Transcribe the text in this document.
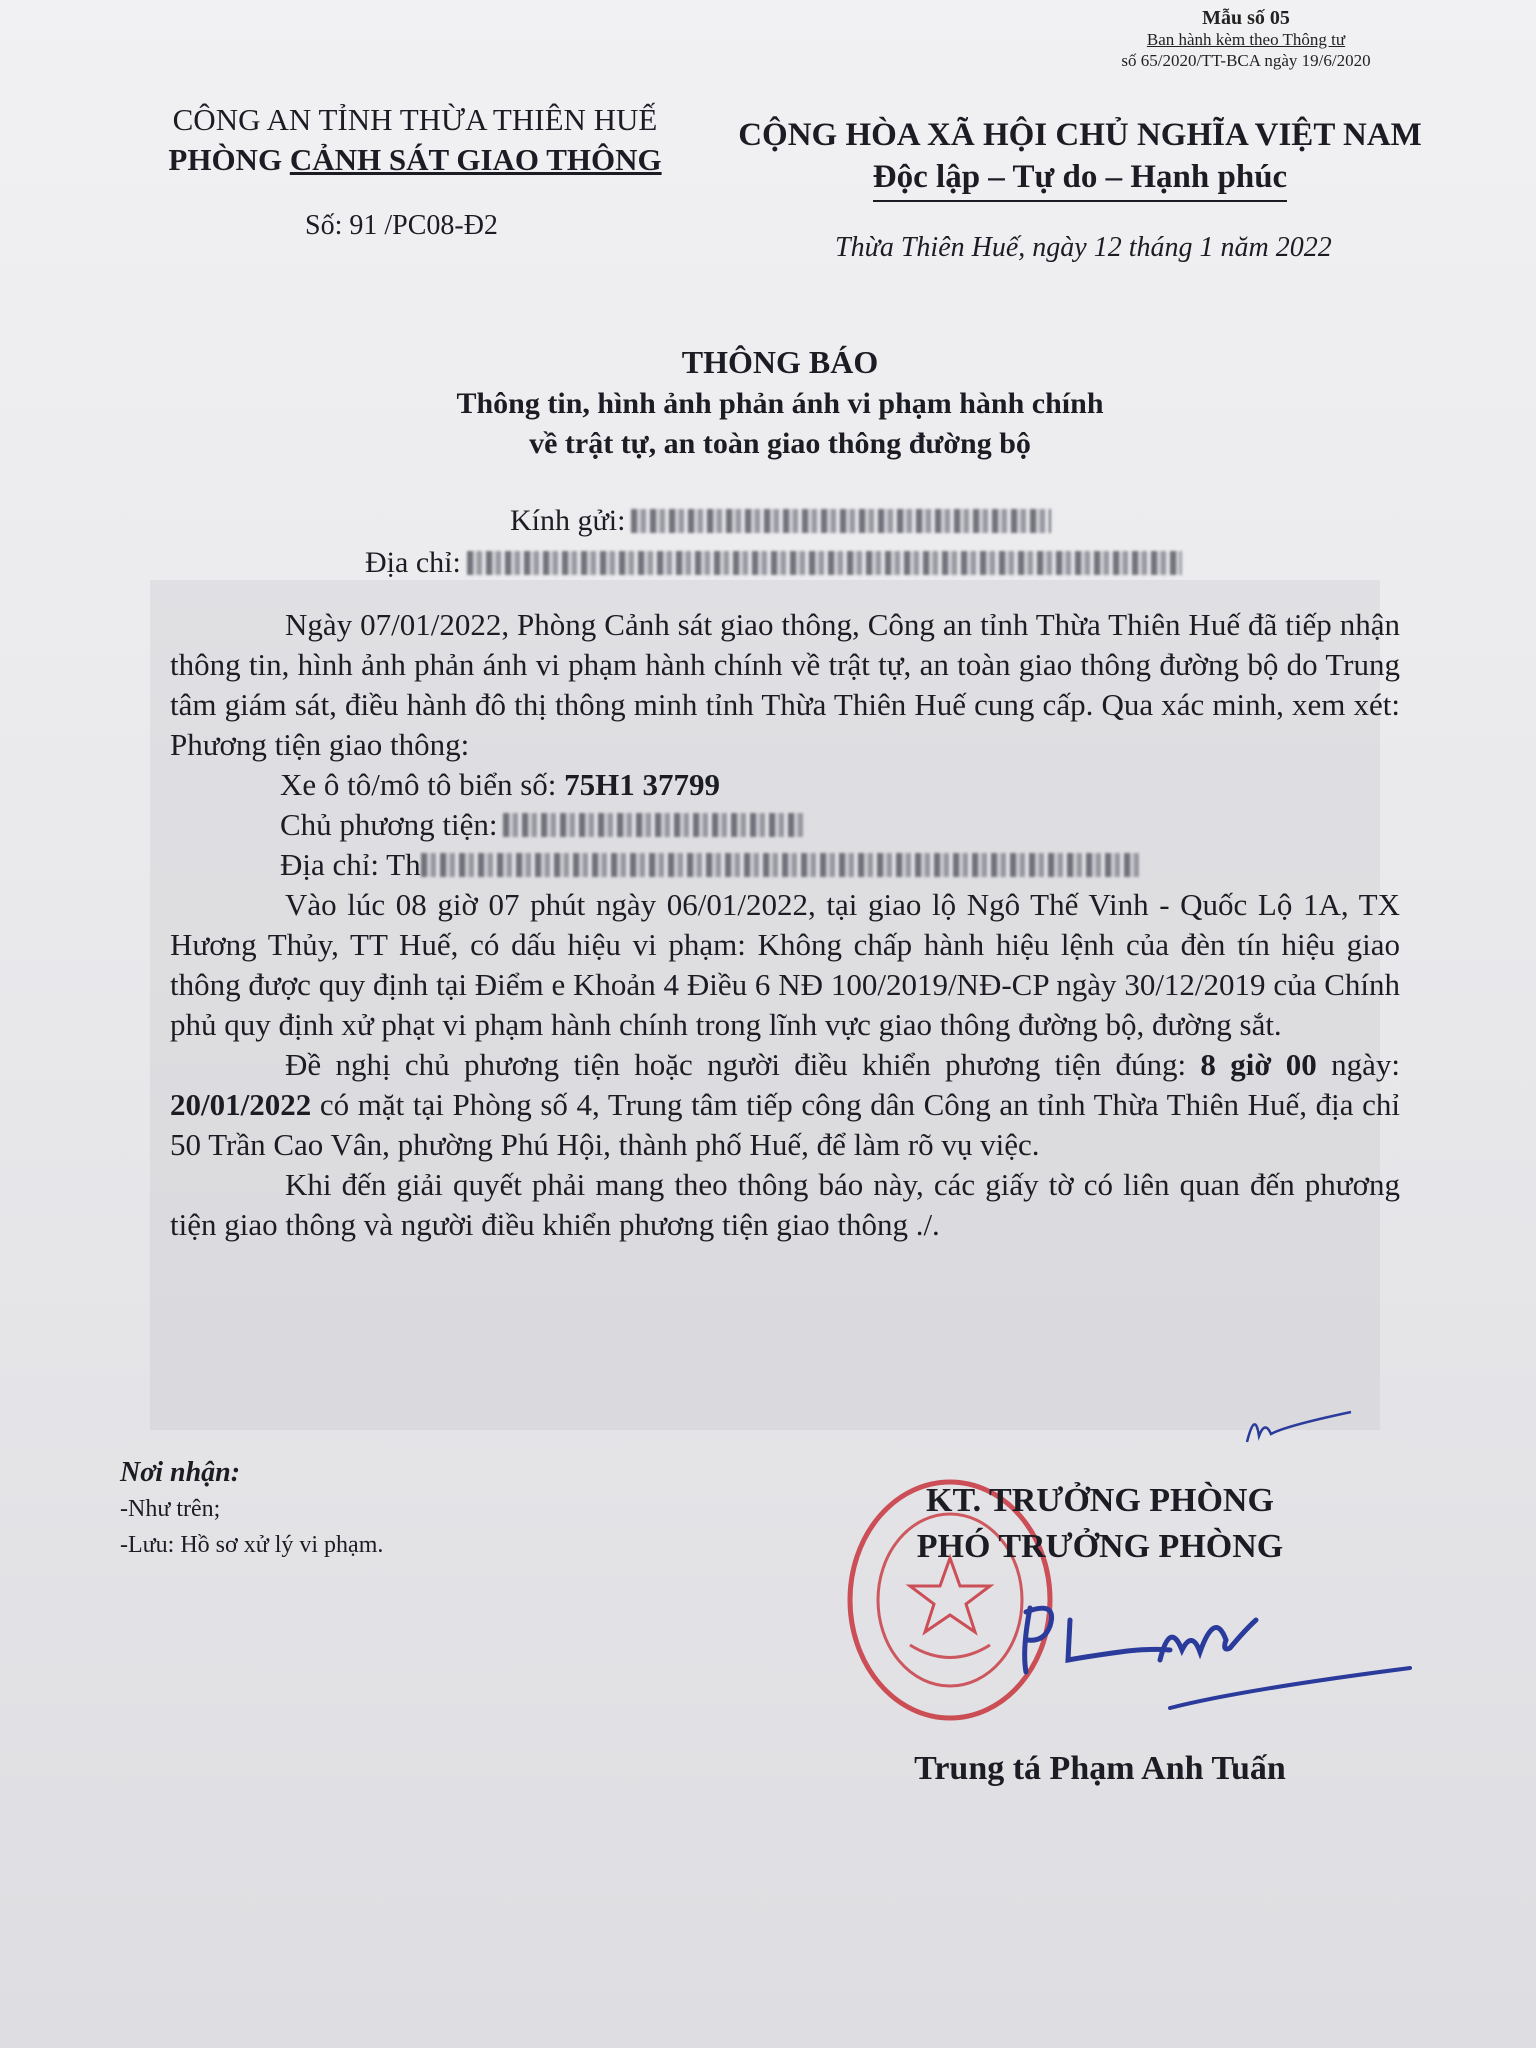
Mẫu số 05
Ban hành kèm theo Thông tư
số 65/2020/TT-BCA ngày 19/6/2020
CÔNG AN TỈNH THỪA THIÊN HUẾ
PHÒNG CẢNH SÁT GIAO THÔNG
CỘNG HÒA XÃ HỘI CHỦ NGHĨA VIỆT NAM
Độc lập – Tự do – Hạnh phúc
Số: 91 /PC08-Đ2
Thừa Thiên Huế, ngày 12 tháng 1 năm 2022
THÔNG BÁO
Thông tin, hình ảnh phản ánh vi phạm hành chính
về trật tự, an toàn giao thông đường bộ
Kính gửi:
Địa chỉ:

Ngày 07/01/2022, Phòng Cảnh sát giao thông, Công an tỉnh Thừa Thiên Huế đã tiếp nhận thông tin, hình ảnh phản ánh vi phạm hành chính về trật tự, an toàn giao thông đường bộ do Trung tâm giám sát, điều hành đô thị thông minh tỉnh Thừa Thiên Huế cung cấp. Qua xác minh, xem xét: Phương tiện giao thông:

Xe ô tô/mô tô biển số: 75H1 37799

Chủ phương tiện:

Địa chỉ: Th

Vào lúc 08 giờ 07 phút ngày 06/01/2022, tại giao lộ Ngô Thế Vinh - Quốc Lộ 1A, TX Hương Thủy, TT Huế, có dấu hiệu vi phạm: Không chấp hành hiệu lệnh của đèn tín hiệu giao thông được quy định tại Điểm e Khoản 4 Điều 6 NĐ 100/2019/NĐ-CP ngày 30/12/2019 của Chính phủ quy định xử phạt vi phạm hành chính trong lĩnh vực giao thông đường bộ, đường sắt.

Đề nghị chủ phương tiện hoặc người điều khiển phương tiện đúng: 8 giờ 00 ngày: 20/01/2022 có mặt tại Phòng số 4, Trung tâm tiếp công dân Công an tỉnh Thừa Thiên Huế, địa chỉ 50 Trần Cao Vân, phường Phú Hội, thành phố Huế, để làm rõ vụ việc.

Khi đến giải quyết phải mang theo thông báo này, các giấy tờ có liên quan đến phương tiện giao thông và người điều khiển phương tiện giao thông ./.

Nơi nhận:
-Như trên;
-Lưu: Hồ sơ xử lý vi phạm.
KT. TRƯỞNG PHÒNG
PHÓ TRƯỞNG PHÒNG
Trung tá Phạm Anh Tuấn
